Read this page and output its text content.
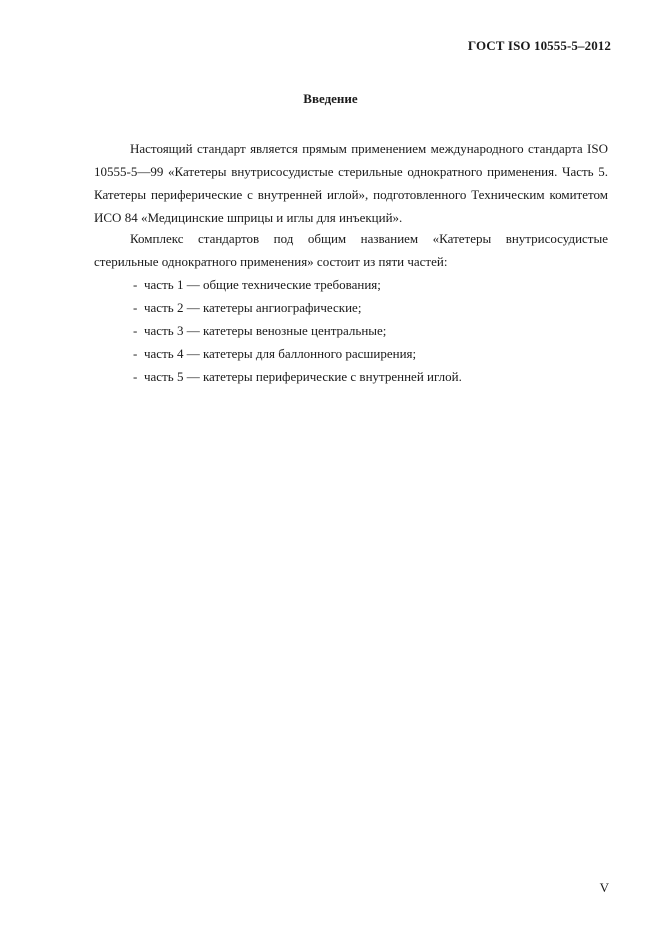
ГОСТ ISO 10555-5–2012
Введение

Настоящий стандарт является прямым применением международного стандарта ISO 10555-5—99 «Катетеры внутрисосудистые стерильные однократного применения. Часть 5. Катетеры периферические с внутренней иглой», подготовленного Техническим комитетом ИСО 84 «Медицинские шприцы и иглы для инъекций».

Комплекс стандартов под общим названием «Катетеры внутрисосудистые стерильные однократного применения» состоит из пяти частей:

- часть 1 — общие технические требования;
- часть 2 — катетеры ангиографические;
- часть 3 — катетеры венозные центральные;
- часть 4 — катетеры для баллонного расширения;
- часть 5 — катетеры периферические с внутренней иглой.
V
